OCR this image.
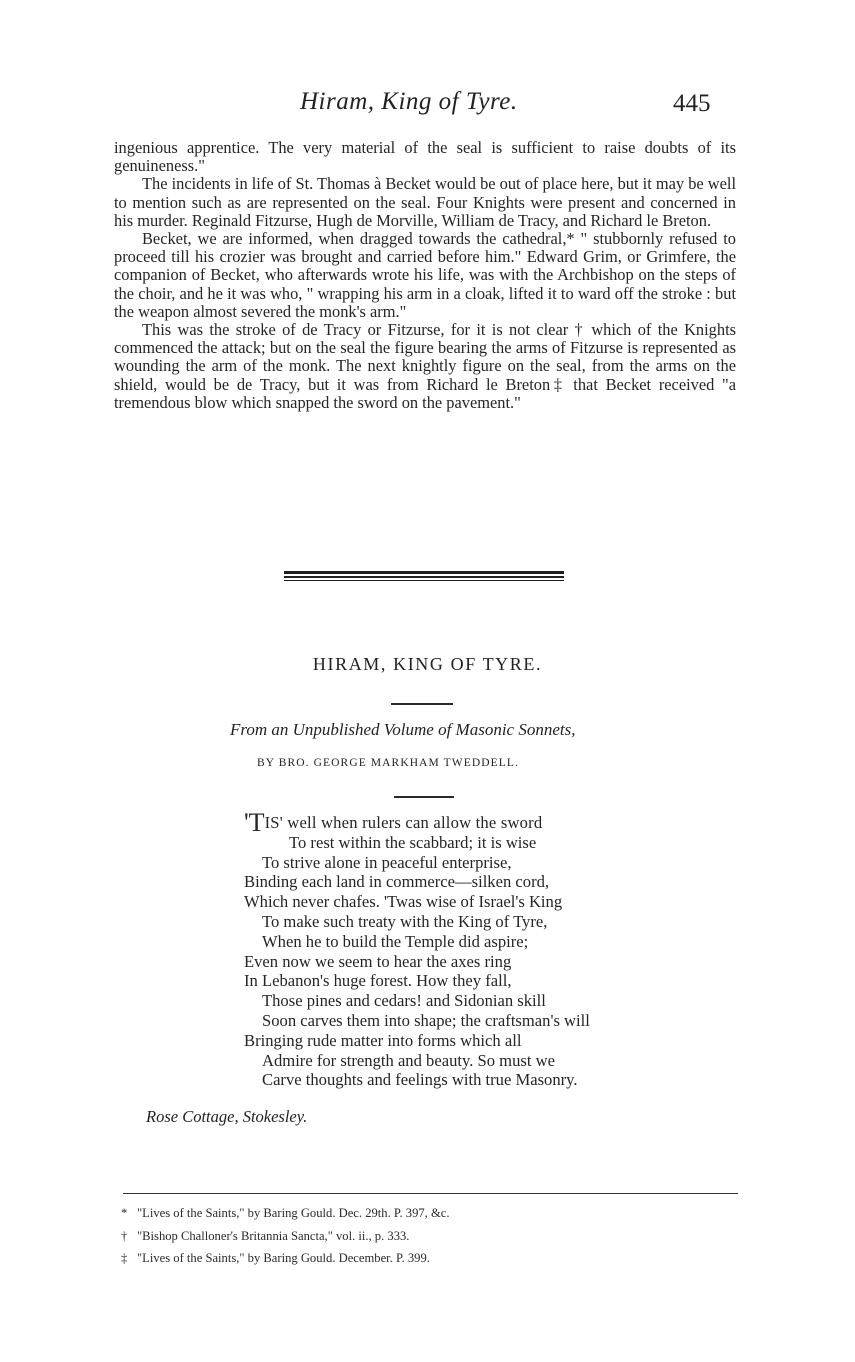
Hiram, King of Tyre.	445

ingenious apprentice. The very material of the seal is sufficient to raise doubts of its genuineness."

The incidents in life of St. Thomas à Becket would be out of place here, but it may be well to mention such as are represented on the seal. Four Knights were present and concerned in his murder. Reginald Fitzurse, Hugh de Morville, William de Tracy, and Richard le Breton.

Becket, we are informed, when dragged towards the cathedral,* " stubbornly refused to proceed till his crozier was brought and carried before him." Edward Grim, or Grimfere, the companion of Becket, who afterwards wrote his life, was with the Archbishop on the steps of the choir, and he it was who, " wrapping his arm in a cloak, lifted it to ward off the stroke : but the weapon almost severed the monk's arm."

This was the stroke of de Tracy or Fitzurse, for it is not clear † which of the Knights commenced the attack; but on the seal the figure bearing the arms of Fitzurse is represented as wounding the arm of the monk. The next knightly figure on the seal, from the arms on the shield, would be de Tracy, but it was from Richard le Breton‡ that Becket received "a tremendous blow which snapped the sword on the pavement."

HIRAM, KING OF TYRE.
From an Unpublished Volume of Masonic Sonnets,
BY BRO. GEORGE MARKHAM TWEDDELL.
'TIS' well when rulers can allow the sword
To rest within the scabbard; it is wise
To strive alone in peaceful enterprise,
Binding each land in commerce—silken cord,
Which never chafes. 'Twas wise of Israel's King
To make such treaty with the King of Tyre,
When he to build the Temple did aspire;
Even now we seem to hear the axes ring
In Lebanon's huge forest. How they fall,
Those pines and cedars! and Sidonian skill
Soon carves them into shape; the craftsman's will
Bringing rude matter into forms which all
Admire for strength and beauty. So must we
Carve thoughts and feelings with true Masonry.
Rose Cottage, Stokesley.
* "Lives of the Saints," by Baring Gould. Dec. 29th. P. 397, &c.
† "Bishop Challoner's Britannia Sancta," vol. ii., p. 333.
‡ "Lives of the Saints," by Baring Gould. December. P. 399.
